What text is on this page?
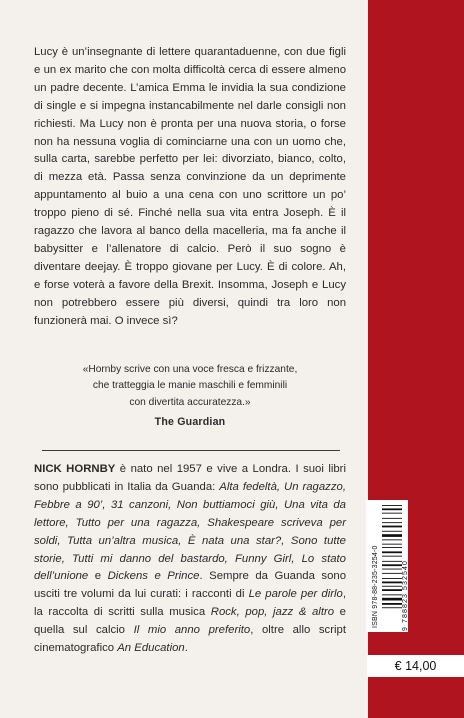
Lucy è un’insegnante di lettere quarantaduenne, con due figli e un ex marito che con molta difficoltà cerca di essere almeno un padre decente. L’amica Emma le invidia la sua condizione di single e si impegna instancabilmente nel darle consigli non richiesti. Ma Lucy non è pronta per una nuova storia, o forse non ha nessuna voglia di cominciarne una con un uomo che, sulla carta, sarebbe perfetto per lei: divorziato, bianco, colto, di mezza età. Passa senza convinzione da un deprimente appuntamento al buio a una cena con uno scrittore un po’ troppo pieno di sé. Finché nella sua vita entra Joseph. È il ragazzo che lavora al banco della macelleria, ma fa anche il babysitter e l’allenatore di calcio. Però il suo sogno è diventare deejay. È troppo giovane per Lucy. È di colore. Ah, e forse voterà a favore della Brexit. Insomma, Joseph e Lucy non potrebbero essere più diversi, quindi tra loro non funzionerà mai. O invece sì?

«Hornby scrive con una voce fresca e frizzante,
che tratteggia le manie maschili e femminili
con divertita accuratezza.»
The Guardian

NICK HORNBY è nato nel 1957 e vive a Londra. I suoi libri sono pubblicati in Italia da Guanda: Alta fedeltà, Un ragazzo, Febbre a 90’, 31 canzoni, Non buttiamoci giù, Una vita da lettore, Tutto per una ragazza, Shakespeare scriveva per soldi, Tutta un’altra musica, È nata una star?, Sono tutte storie, Tutti mi danno del bastardo, Funny Girl, Lo stato dell’unione e Dickens e Prince. Sempre da Guanda sono usciti tre volumi da lui curati: i racconti di Le parole per dirlo, la raccolta di scritti sulla musica Rock, pop, jazz & altro e quella sul calcio Il mio anno preferito, oltre allo script cinematografico An Education.

ISBN 978-88-235-3254-0	9 788823 532540
€ 14,00
